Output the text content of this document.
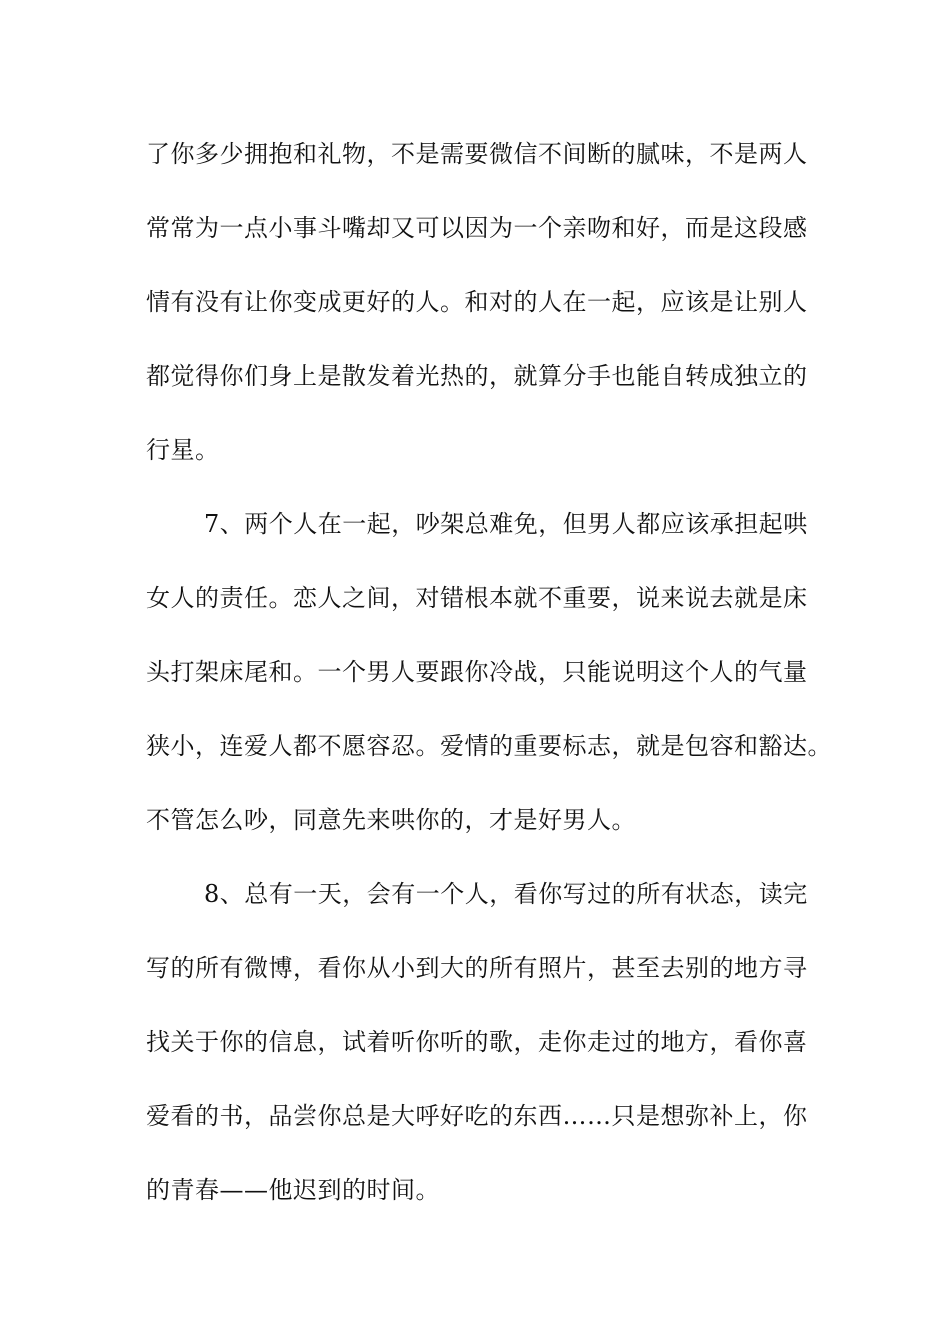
了你多少拥抱和礼物，不是需要微信不间断的腻味，不是两人
常常为一点小事斗嘴却又可以因为一个亲吻和好，而是这段感
情有没有让你变成更好的人。和对的人在一起，应该是让别人
都觉得你们身上是散发着光热的，就算分手也能自转成独立的
行星。
7、两个人在一起，吵架总难免，但男人都应该承担起哄
女人的责任。恋人之间，对错根本就不重要，说来说去就是床
头打架床尾和。一个男人要跟你冷战，只能说明这个人的气量
狭小，连爱人都不愿容忍。爱情的重要标志，就是包容和豁达。
不管怎么吵，同意先来哄你的，才是好男人。
8、总有一天，会有一个人，看你写过的所有状态，读完
写的所有微博，看你从小到大的所有照片，甚至去别的地方寻
找关于你的信息，试着听你听的歌，走你走过的地方，看你喜
爱看的书，品尝你总是大呼好吃的东西……只是想弥补上，你
的青春——他迟到的时间。
